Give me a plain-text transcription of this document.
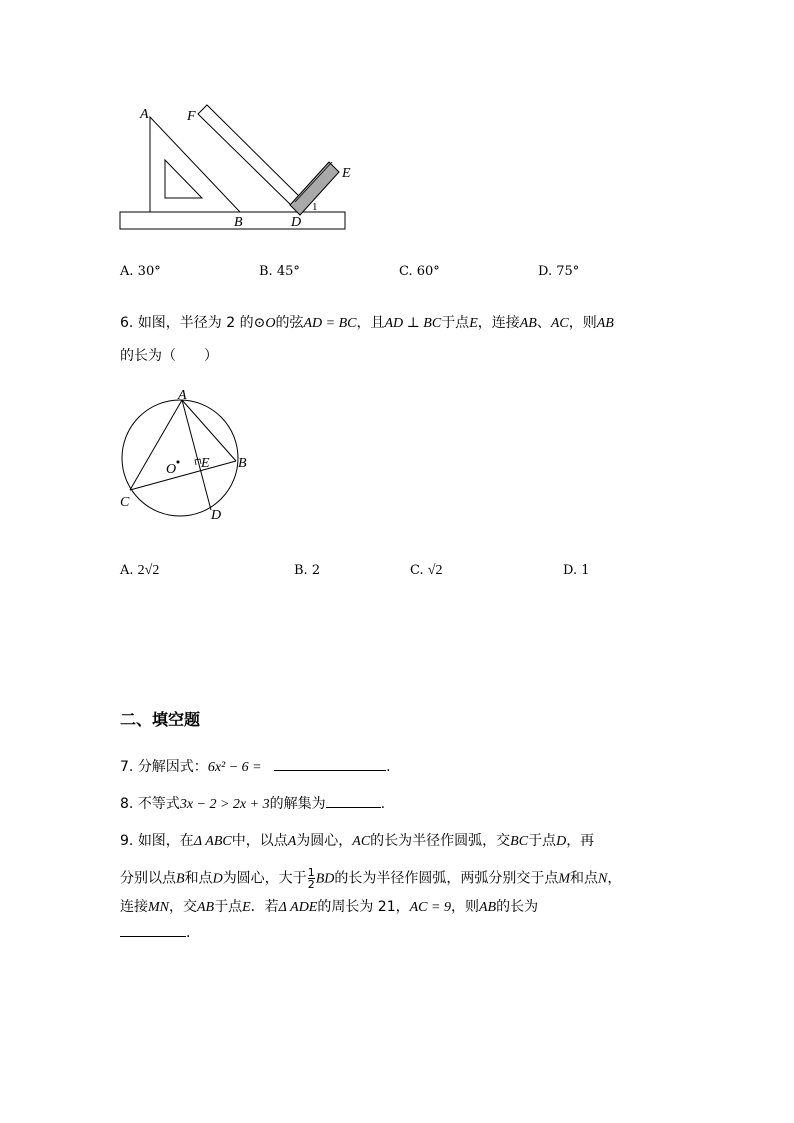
A	F
E
B	D
1
A. 30°	B. 45°	C. 60°	D. 75°
6. 如图，半径为 2 的⊙O的弦AD = BC，且AD ⊥ BC于点E，连接AB、AC，则AB
的长为（　　）
A
B
C
D
O E
A. 2√2	B. 2	C. √2	D. 1
二、填空题
7. 分解因式：6x² − 6 =	.
8. 不等式3x − 2 > 2x + 3的解集为	.
9. 如图，在Δ ABC中，以点A为圆心，AC的长为半径作圆弧，交BC于点D，再
分别以点B和点D为圆心，大于 $\frac{1}{2}$ BD的长为半径作圆弧，两弧分别交于点M和点N，
连接MN，交AB于点E．若Δ ADE的周长为 21，AC = 9，则AB的长为
.
